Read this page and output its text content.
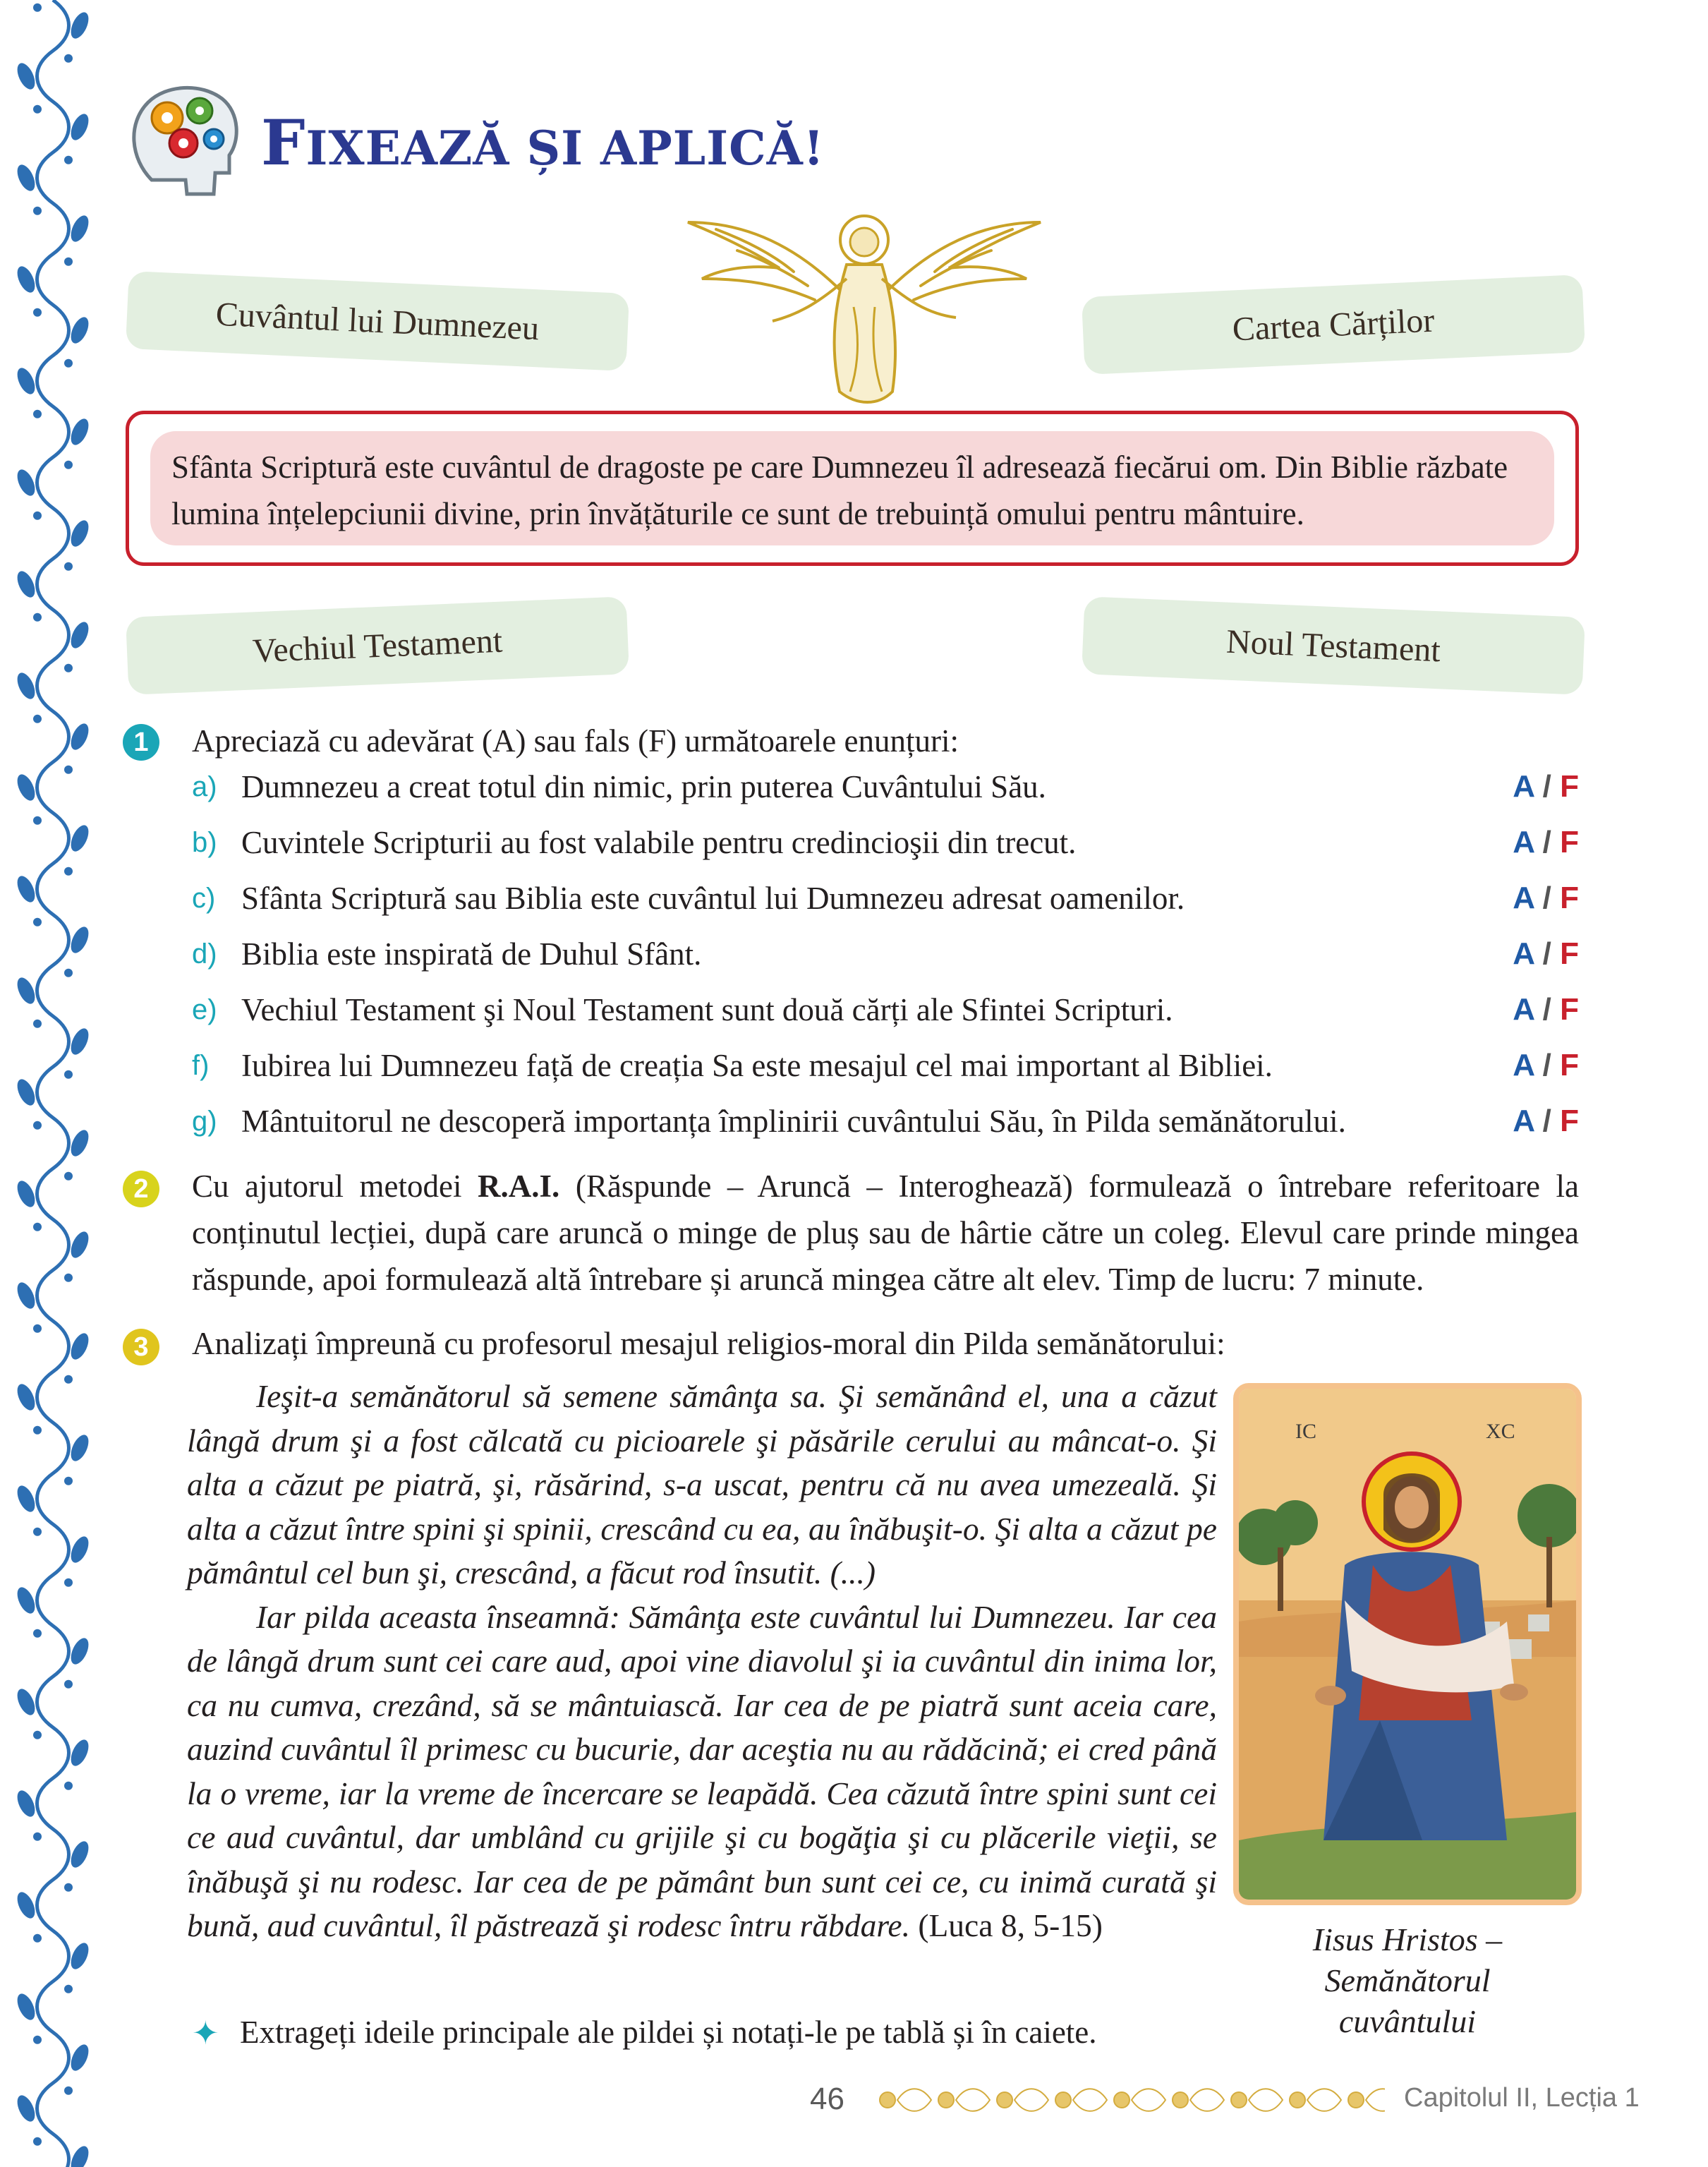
FIXEAZĂ ȘI APLICĂ!
Cuvântul lui Dumnezeu	Cartea Cărților
Sfânta Scriptură este cuvântul de dragoste pe care Dumnezeu îl adresează fiecărui om. Din Biblie răzbate lumina înțelepciunii divine, prin învățăturile ce sunt de trebuință omului pentru mântuire.
Vechiul Testament	Noul Testament
1	Apreciază cu adevărat (A) sau fals (F) următoarele enunțuri:
a) Dumnezeu a creat totul din nimic, prin puterea Cuvântului Său.	A / F
b) Cuvintele Scripturii au fost valabile pentru credincioşii din trecut.	A / F
c) Sfânta Scriptură sau Biblia este cuvântul lui Dumnezeu adresat oamenilor.	A / F
d) Biblia este inspirată de Duhul Sfânt.	A / F
e) Vechiul Testament şi Noul Testament sunt două cărți ale Sfintei Scripturi.	A / F
f) Iubirea lui Dumnezeu față de creația Sa este mesajul cel mai important al Bibliei.	A / F
g) Mântuitorul ne descoperă importanța împlinirii cuvântului Său, în Pilda semănătorului.	A / F
2	Cu ajutorul metodei R.A.I. (Răspunde – Aruncă – Interoghează) formulează o întrebare referitoare la conținutul lecției, după care aruncă o minge de pluș sau de hârtie către un coleg. Elevul care prinde mingea răspunde, apoi formulează altă întrebare și aruncă mingea către alt elev. Timp de lucru: 7 minute.

3	Analizați împreună cu profesorul mesajul religios-moral din Pilda semănătorului:

Ieşit-a semănătorul să semene sămânţa sa. Şi semănând el, una a căzut lângă drum şi a fost călcată cu picioarele şi păsările cerului au mâncat-o. Şi alta a căzut pe piatră, şi, răsărind, s-a uscat, pentru că nu avea umezeală. Şi alta a căzut între spini şi spinii, crescând cu ea, au înăbuşit-o. Şi alta a căzut pe pământul cel bun şi, crescând, a făcut rod însutit. (...)

Iar pilda aceasta înseamnă: Sămânţa este cuvântul lui Dumnezeu. Iar cea de lângă drum sunt cei care aud, apoi vine diavolul şi ia cuvântul din inima lor, ca nu cumva, crezând, să se mântuiască. Iar cea de pe piatră sunt aceia care, auzind cuvântul îl primesc cu bucurie, dar aceştia nu au rădăcină; ei cred până la o vreme, iar la vreme de încercare se leapădă. Cea căzută între spini sunt cei ce aud cuvântul, dar umblând cu grijile şi cu bogăţia şi cu plăcerile vieţii, se înăbuşă şi nu rodesc. Iar cea de pe pământ bun sunt cei ce, cu inimă curată şi bună, aud cuvântul, îl păstrează şi rodesc întru răbdare. (Luca 8, 5-15)

IC	XC
Iisus Hristos –
Semănătorul
cuvântului
✦ Extrageți ideile principale ale pildei și notați-le pe tablă și în caiete.
46	Capitolul II, Lecția 1
